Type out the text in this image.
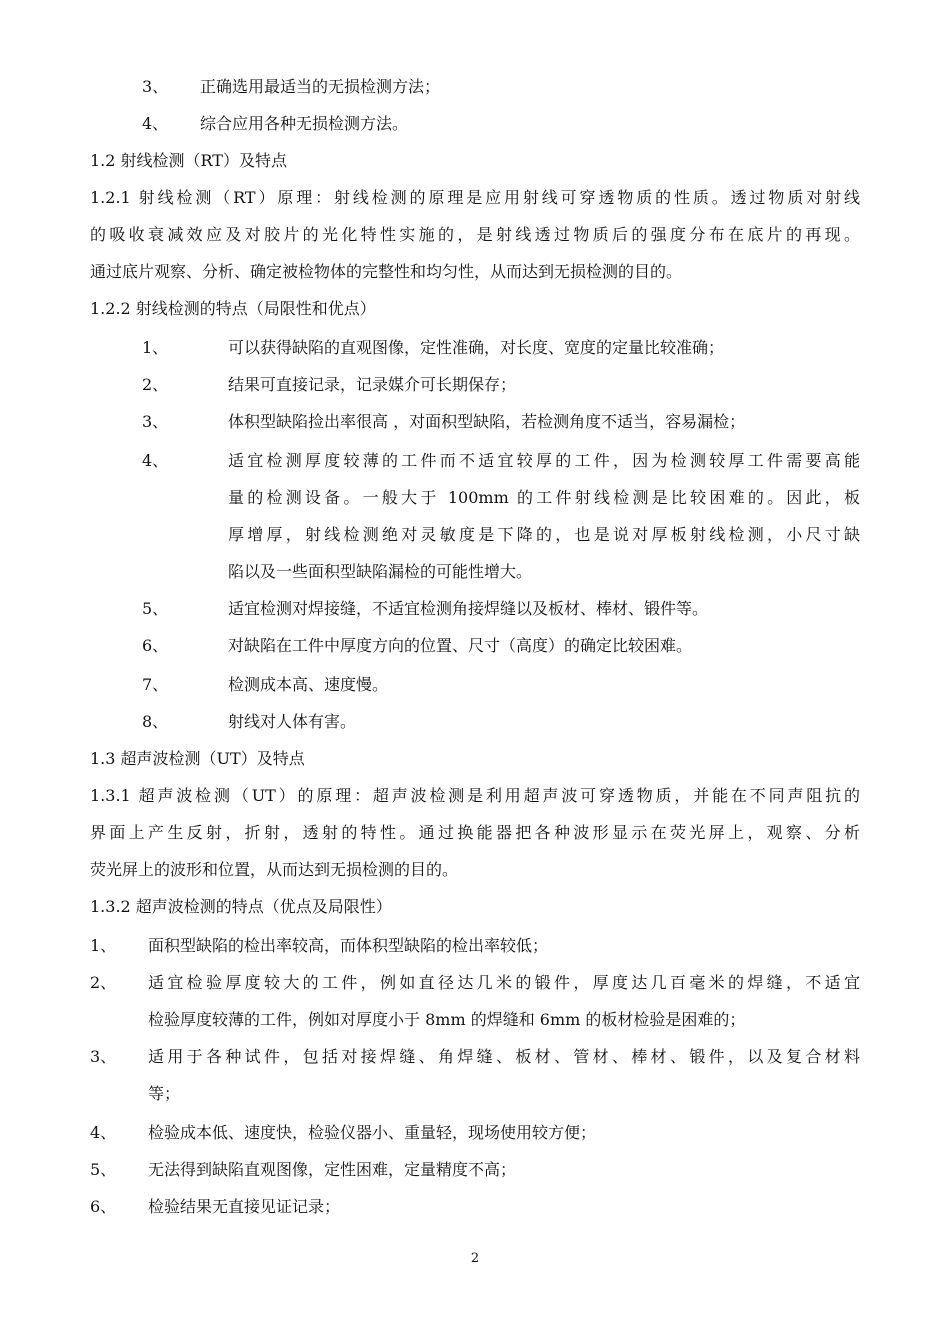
3、 正确选用最适当的无损检测方法；
4、 综合应用各种无损检测方法。
1.2 射线检测（RT）及特点
1.2.1 射线检测（RT）原理：射线检测的原理是应用射线可穿透物质的性质。透过物质对射线
的吸收衰减效应及对胶片的光化特性实施的，是射线透过物质后的强度分布在底片的再现。
通过底片观察、分析、确定被检物体的完整性和均匀性，从而达到无损检测的目的。
1.2.2 射线检测的特点（局限性和优点）
1、	可以获得缺陷的直观图像，定性准确，对长度、宽度的定量比较准确；
2、	结果可直接记录，记录媒介可长期保存；
3、	体积型缺陷捡出率很高 ，对面积型缺陷，若检测角度不适当，容易漏检；
4、	适宜检测厚度较薄的工件而不适宜较厚的工件，因为检测较厚工件需要高能
量的检测设备。一般大于 100mm 的工件射线检测是比较困难的。因此，板
厚增厚，射线检测绝对灵敏度是下降的，也是说对厚板射线检测，小尺寸缺
陷以及一些面积型缺陷漏检的可能性增大。
5、	适宜检测对焊接缝，不适宜检测角接焊缝以及板材、棒材、锻件等。
6、	对缺陷在工件中厚度方向的位置、尺寸（高度）的确定比较困难。
7、	检测成本高、速度慢。
8、	射线对人体有害。
1.3 超声波检测（UT）及特点
1.3.1 超声波检测（UT）的原理：超声波检测是利用超声波可穿透物质，并能在不同声阻抗的
界面上产生反射，折射，透射的特性。通过换能器把各种波形显示在荧光屏上，观察、分析
荧光屏上的波形和位置，从而达到无损检测的目的。
1.3.2 超声波检测的特点（优点及局限性）
1、 面积型缺陷的检出率较高，而体积型缺陷的检出率较低；
2、 适宜检验厚度较大的工件，例如直径达几米的锻件，厚度达几百毫米的焊缝，不适宜
检验厚度较薄的工件，例如对厚度小于 8mm 的焊缝和 6mm 的板材检验是困难的；
3、 适用于各种试件，包括对接焊缝、角焊缝、板材、管材、棒材、锻件，以及复合材料
等；
4、 检验成本低、速度快，检验仪器小、重量轻，现场使用较方便；
5、 无法得到缺陷直观图像，定性困难，定量精度不高；
6、 检验结果无直接见证记录；
2
